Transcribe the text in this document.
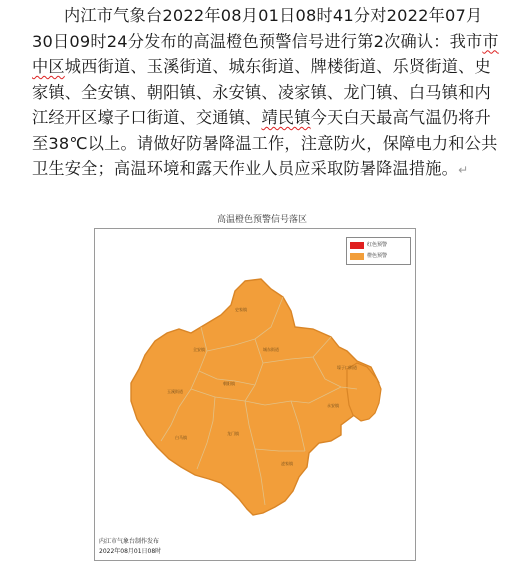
内江市气象台2022年08月01日08时41分对2022年07月30日09时24分发布的高温橙色预警信号进行第2次确认：我市市中区城西街道、玉溪街道、城东街道、牌楼街道、乐贤街道、史家镇、全安镇、朝阳镇、永安镇、凌家镇、龙门镇、白马镇和内江经开区壕子口街道、交通镇、靖民镇今天白天最高气温仍将升至38℃以上。请做好防暑降温工作，注意防火，保障电力和公共卫生安全；高温环境和露天作业人员应采取防暑降温措施。↵
高温橙色预警信号落区
史家镇
城东街道
全安镇
朝阳镇
玉溪街道
壕子口街道
永安镇
白马镇
龙门镇
凌家镇
红色预警
橙色预警
内江市气象台制作发布
2022年08月01日08时
